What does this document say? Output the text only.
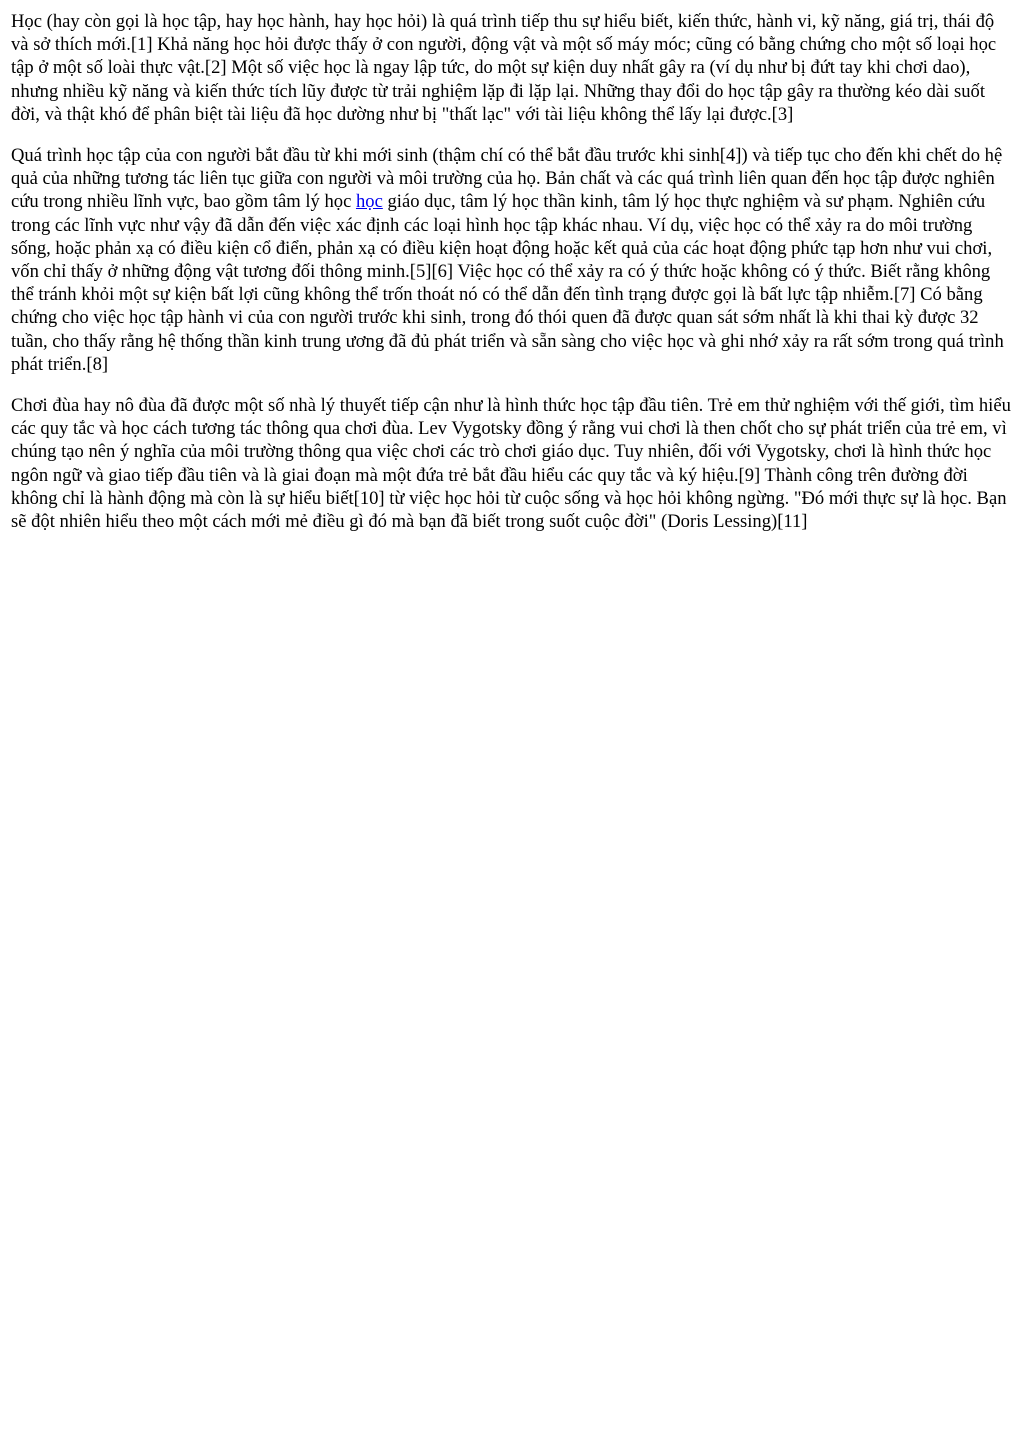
Học (hay còn gọi là học tập, hay học hành, hay học hỏi) là quá trình tiếp thu sự hiểu biết, kiến thức, hành vi, kỹ năng, giá trị, thái độ và sở thích mới.[1] Khả năng học hỏi được thấy ở con người, động vật và một số máy móc; cũng có bằng chứng cho một số loại học tập ở một số loài thực vật.[2] Một số việc học là ngay lập tức, do một sự kiện duy nhất gây ra (ví dụ như bị đứt tay khi chơi dao), nhưng nhiều kỹ năng và kiến thức tích lũy được từ trải nghiệm lặp đi lặp lại. Những thay đổi do học tập gây ra thường kéo dài suốt đời, và thật khó để phân biệt tài liệu đã học dường như bị "thất lạc" với tài liệu không thể lấy lại được.[3]

Quá trình học tập của con người bắt đầu từ khi mới sinh (thậm chí có thể bắt đầu trước khi sinh[4]) và tiếp tục cho đến khi chết do hệ quả của những tương tác liên tục giữa con người và môi trường của họ. Bản chất và các quá trình liên quan đến học tập được nghiên cứu trong nhiều lĩnh vực, bao gồm tâm lý học học giáo dục, tâm lý học thần kinh, tâm lý học thực nghiệm và sư phạm. Nghiên cứu trong các lĩnh vực như vậy đã dẫn đến việc xác định các loại hình học tập khác nhau. Ví dụ, việc học có thể xảy ra do môi trường sống, hoặc phản xạ có điều kiện cổ điển, phản xạ có điều kiện hoạt động hoặc kết quả của các hoạt động phức tạp hơn như vui chơi, vốn chỉ thấy ở những động vật tương đối thông minh.[5][6] Việc học có thể xảy ra có ý thức hoặc không có ý thức. Biết rằng không thể tránh khỏi một sự kiện bất lợi cũng không thể trốn thoát nó có thể dẫn đến tình trạng được gọi là bất lực tập nhiễm.[7] Có bằng chứng cho việc học tập hành vi của con người trước khi sinh, trong đó thói quen đã được quan sát sớm nhất là khi thai kỳ được 32 tuần, cho thấy rằng hệ thống thần kinh trung ương đã đủ phát triển và sẵn sàng cho việc học và ghi nhớ xảy ra rất sớm trong quá trình phát triển.[8]

Chơi đùa hay nô đùa đã được một số nhà lý thuyết tiếp cận như là hình thức học tập đầu tiên. Trẻ em thử nghiệm với thế giới, tìm hiểu các quy tắc và học cách tương tác thông qua chơi đùa. Lev Vygotsky đồng ý rằng vui chơi là then chốt cho sự phát triển của trẻ em, vì chúng tạo nên ý nghĩa của môi trường thông qua việc chơi các trò chơi giáo dục. Tuy nhiên, đối với Vygotsky, chơi là hình thức học ngôn ngữ và giao tiếp đầu tiên và là giai đoạn mà một đứa trẻ bắt đầu hiểu các quy tắc và ký hiệu.[9] Thành công trên đường đời không chỉ là hành động mà còn là sự hiểu biết[10] từ việc học hỏi từ cuộc sống và học hỏi không ngừng. "Đó mới thực sự là học. Bạn sẽ đột nhiên hiểu theo một cách mới mẻ điều gì đó mà bạn đã biết trong suốt cuộc đời" (Doris Lessing)[11]
